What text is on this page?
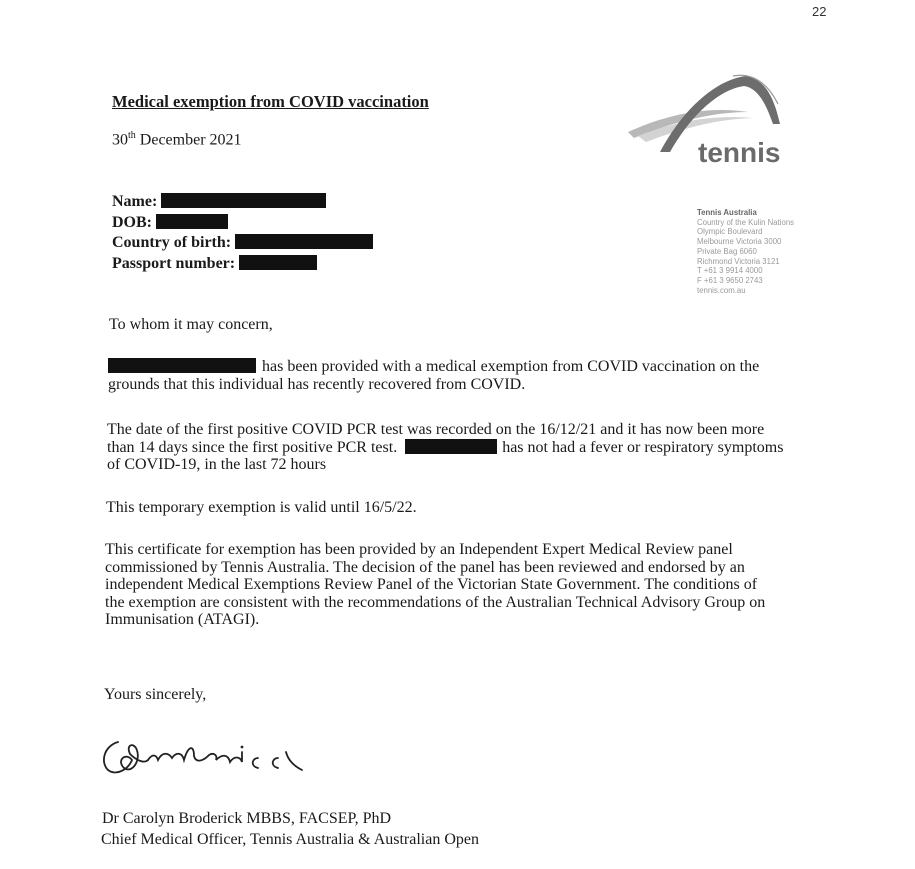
22
Medical exemption from COVID vaccination
30th December 2021
Name:
DOB:
Country of birth:
Passport number:
tennis
Tennis Australia
Country of the Kulin Nations
Olympic Boulevard
Melbourne Victoria 3000
Private Bag 6060
Richmond Victoria 3121
T +61 3 9914 4000
F +61 3 9650 2743
tennis.com.au
To whom it may concern,
has been provided with a medical exemption from COVID vaccination on the
grounds that this individual has recently recovered from COVID.
The date of the first positive COVID PCR test was recorded on the 16/12/21 and it has now been more
than 14 days since the first positive PCR test.	has not had a fever or respiratory symptoms
of COVID-19, in the last 72 hours
This temporary exemption is valid until 16/5/22.
This certificate for exemption has been provided by an Independent Expert Medical Review panel
commissioned by Tennis Australia. The decision of the panel has been reviewed and endorsed by an
independent Medical Exemptions Review Panel of the Victorian State Government. The conditions of
the exemption are consistent with the recommendations of the Australian Technical Advisory Group on
Immunisation (ATAGI).
Yours sincerely,
Dr Carolyn Broderick MBBS, FACSEP, PhD
Chief Medical Officer, Tennis Australia & Australian Open
